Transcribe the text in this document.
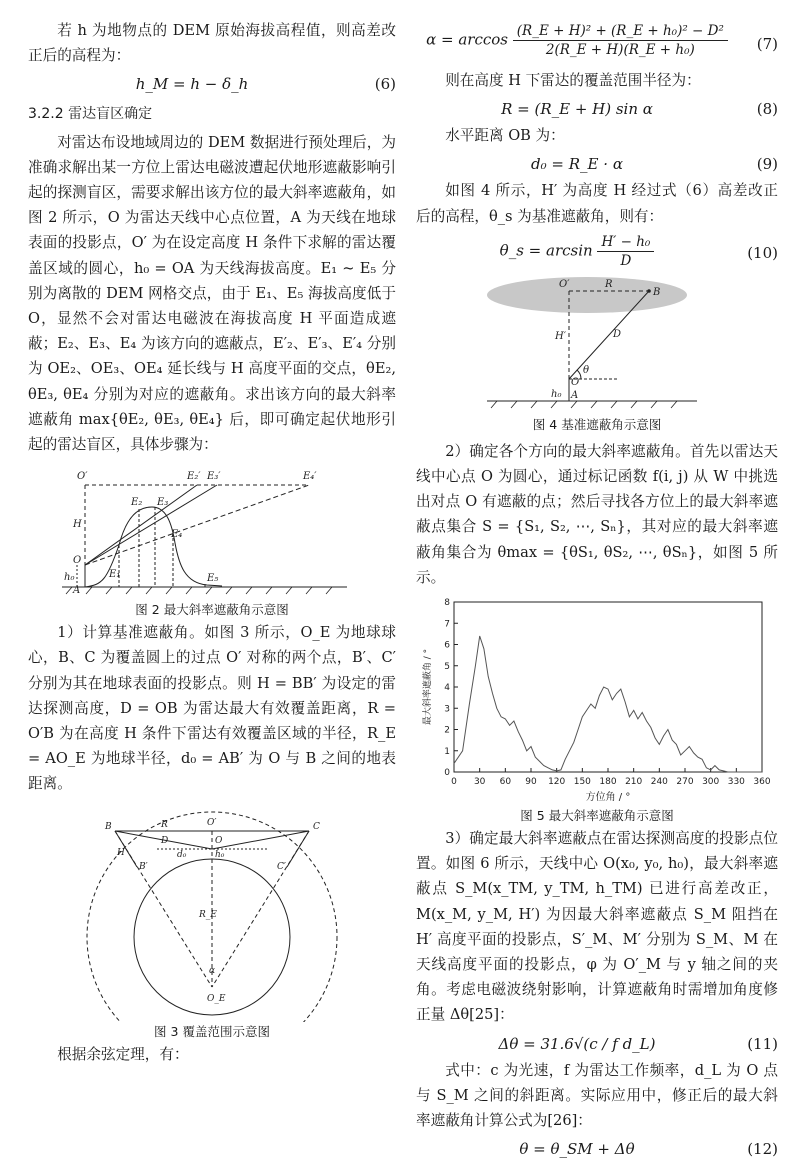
若 h 为地物点的 DEM 原始海拔高程值，则高差改正后的高程为：

h_M = h − δ_h	(6)
3.2.2 雷达盲区确定

对雷达布设地域周边的 DEM 数据进行预处理后，为准确求解出某一方位上雷达电磁波遭起伏地形遮蔽影响引起的探测盲区，需要求解出该方位的最大斜率遮蔽角，如图 2 所示，O 为雷达天线中心点位置，A 为天线在地球表面的投影点，O′ 为在设定高度 H 条件下求解的雷达覆盖区域的圆心，h₀ = OA 为天线海拔高度。E₁ ~ E₅ 分别为离散的 DEM 网格交点，由于 E₁、E₅ 海拔高度低于 O，显然不会对雷达电磁波在海拔高度 H 平面造成遮蔽；E₂、E₃、E₄ 为该方向的遮蔽点，E′₂、E′₃、E′₄ 分别为 OE₂、OE₃、OE₄ 延长线与 H 高度平面的交点，θE₂, θE₃, θE₄ 分别为对应的遮蔽角。求出该方向的最大斜率遮蔽角 max{θE₂, θE₃, θE₄} 后，即可确定起伏地形引起的雷达盲区，具体步骤为：

O′	E₂′ E₃′	E₄′
E₂ E₃
E₄
E₁	E₅
H
O
h₀
A
图 2 最大斜率遮蔽角示意图

1）计算基准遮蔽角。如图 3 所示，O_E 为地球球心，B、C 为覆盖圆上的过点 O′ 对称的两个点，B′、C′ 分别为其在地球表面的投影点。则 H = BB′ 为设定的雷达探测高度，D = OB 为雷达最大有效覆盖距离，R = O′B 为在高度 H 条件下雷达有效覆盖区域的半径，R_E = AO_E 为地球半径，d₀ = AB′ 为 O 与 B 之间的地表距离。

B	R	O′	C
D	O
d₀	h₀
B′	C′
H
R_E
α
O_E
图 3 覆盖范围示意图

根据余弦定理，有：

$\alpha = \arccos \frac{\text{(R\_E + H)² + (R\_E + h₀)² − D²}}{\text{2(R\_E + H)(R\_E + h₀)}} (7)$

则在高度 H 下雷达的覆盖范围半径为：

R = (R_E + H) sin α	(8)

水平距离 OB 为：

d₀ = R_E · α	(9)

如图 4 所示，H′ 为高度 H 经过式（6）高差改正后的高程，θ_s 为基准遮蔽角，则有：

θ_s = $\arcsin \frac{\text{H′ − h₀}}{D}$	(10)
O′	R
B
H′	D
θ
O
h₀ A
图 4 基准遮蔽角示意图

2）确定各个方向的最大斜率遮蔽角。首先以雷达天线中心点 O 为圆心，通过标记函数 f(i, j) 从 W 中挑选出对点 O 有遮蔽的点；然后寻找各方位上的最大斜率遮蔽点集合 S = {S₁, S₂, ⋯, Sₙ}，其对应的最大斜率遮蔽角集合为 θmax = {θS₁, θS₂, ⋯, θSₙ}，如图 5 所示。

0
1
2
3
4
5
6
7
8
0 30 60 90 120 150 180 210 240 270 300 330 360
最大斜率遮蔽角 / °
方位角 / °
图 5 最大斜率遮蔽角示意图

3）确定最大斜率遮蔽点在雷达探测高度的投影点位置。如图 6 所示，天线中心 O(x₀, y₀, h₀)，最大斜率遮蔽点 S_M(x_TM, y_TM, h_TM) 已进行高差改正，M(x_M, y_M, H′) 为因最大斜率遮蔽点 S_M 阻挡在 H′ 高度平面的投影点，S′_M、M′ 分别为 S_M、M 在天线高度平面的投影点，φ 为 O′_M 与 y 轴之间的夹角。考虑电磁波绕射影响，计算遮蔽角时需增加角度修正量 Δθ[25]：

Δθ = 31.6√(c / f d_L)	(11)

式中：c 为光速，f 为雷达工作频率，d_L 为 O 点与 S_M 之间的斜距离。实际应用中，修正后的最大斜率遮蔽角计算公式为[26]：

θ = θ_SM + Δθ	(12)
